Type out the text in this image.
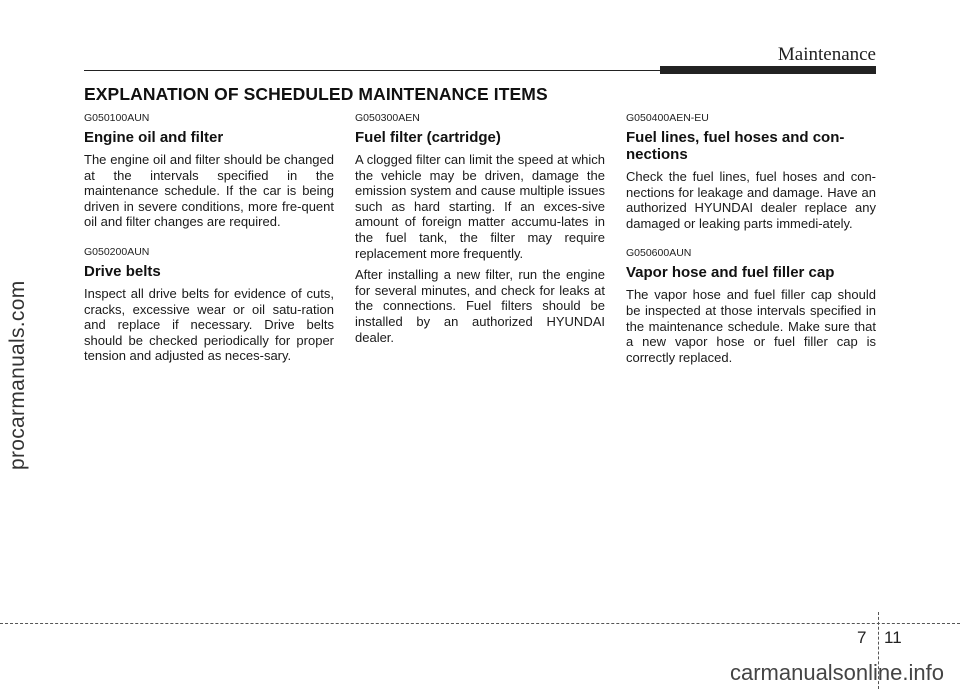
Maintenance
EXPLANATION OF SCHEDULED MAINTENANCE ITEMS
G050100AUN
Engine oil and filter

The engine oil and filter should be changed at the intervals specified in the maintenance schedule. If the car is being driven in severe conditions, more fre-quent oil and filter changes are required.

G050200AUN
Drive belts

Inspect all drive belts for evidence of cuts, cracks, excessive wear or oil satu-ration and replace if necessary. Drive belts should be checked periodically for proper tension and adjusted as neces-sary.

G050300AEN
Fuel filter (cartridge)

A clogged filter can limit the speed at which the vehicle may be driven, damage the emission system and cause multiple issues such as hard starting. If an exces-sive amount of foreign matter accumu-lates in the fuel tank, the filter may require replacement more frequently.

After installing a new filter, run the engine for several minutes, and check for leaks at the connections. Fuel filters should be installed by an authorized HYUNDAI dealer.

G050400AEN-EU
Fuel lines, fuel hoses and con-nections

Check the fuel lines, fuel hoses and con-nections for leakage and damage. Have an authorized HYUNDAI dealer replace any damaged or leaking parts immedi-ately.

G050600AUN
Vapor hose and fuel filler cap

The vapor hose and fuel filler cap should be inspected at those intervals specified in the maintenance schedule. Make sure that a new vapor hose or fuel filler cap is correctly replaced.

procarmanuals.com
7 11
carmanualsonline.info
